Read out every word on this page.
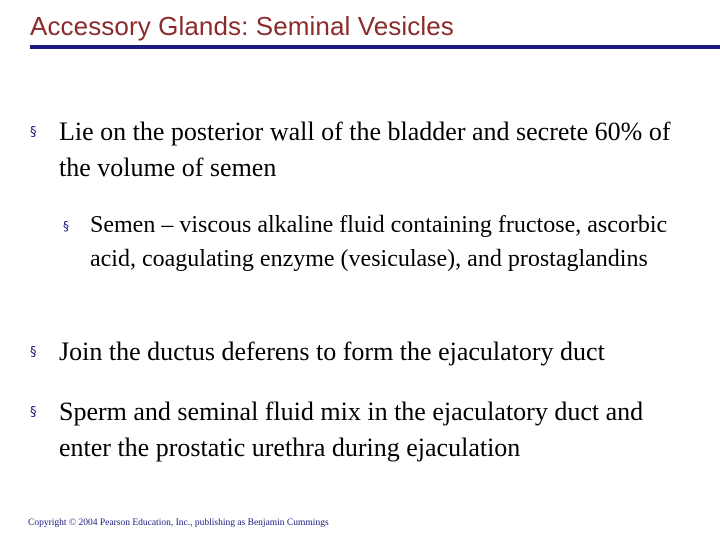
Accessory Glands: Seminal Vesicles
§ Lie on the posterior wall of the bladder and secrete 60% of the volume of semen
§ Semen – viscous alkaline fluid containing fructose, ascorbic acid, coagulating enzyme (vesiculase), and prostaglandins
§ Join the ductus deferens to form the ejaculatory duct
§ Sperm and seminal fluid mix in the ejaculatory duct and enter the prostatic urethra during ejaculation
Copyright © 2004 Pearson Education, Inc., publishing as Benjamin Cummings
